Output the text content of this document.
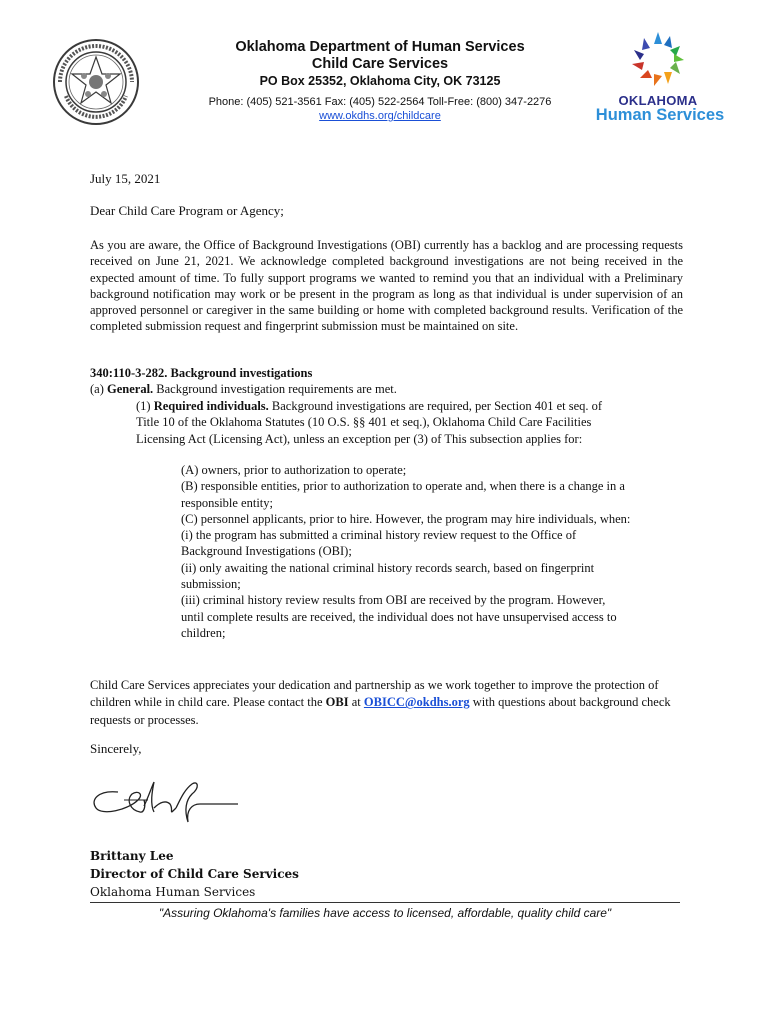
Oklahoma Department of Human Services
Child Care Services
PO Box 25352, Oklahoma City, OK 73125
Phone: (405) 521-3561 Fax: (405) 522-2564 Toll-Free: (800) 347-2276
www.okdhs.org/childcare
OKLAHOMA
Human Services
July 15, 2021
Dear Child Care Program or Agency;
As you are aware, the Office of Background Investigations (OBI) currently has a backlog and are processing requests received on June 21, 2021. We acknowledge completed background investigations are not being received in the expected amount of time. To fully support programs we wanted to remind you that an individual with a Preliminary background notification may work or be present in the program as long as that individual is under supervision of an approved personnel or caregiver in the same building or home with completed background results. Verification of the completed submission request and fingerprint submission must be maintained on site.
340:110-3-282. Background investigations
(a) General. Background investigation requirements are met.
(1) Required individuals. Background investigations are required, per Section 401 et seq. of Title 10 of the Oklahoma Statutes (10 O.S. §§ 401 et seq.), Oklahoma Child Care Facilities Licensing Act (Licensing Act), unless an exception per (3) of This subsection applies for:
(A) owners, prior to authorization to operate;
(B) responsible entities, prior to authorization to operate and, when there is a change in a responsible entity;
(C) personnel applicants, prior to hire. However, the program may hire individuals, when:
(i) the program has submitted a criminal history review request to the Office of Background Investigations (OBI);
(ii) only awaiting the national criminal history records search, based on fingerprint submission;
(iii) criminal history review results from OBI are received by the program. However, until complete results are received, the individual does not have unsupervised access to children;
Child Care Services appreciates your dedication and partnership as we work together to improve the protection of children while in child care. Please contact the OBI at OBICC@okdhs.org with questions about background check requests or processes.
Sincerely,
Brittany Lee
Director of Child Care Services
Oklahoma Human Services
"Assuring Oklahoma's families have access to licensed, affordable, quality child care"
